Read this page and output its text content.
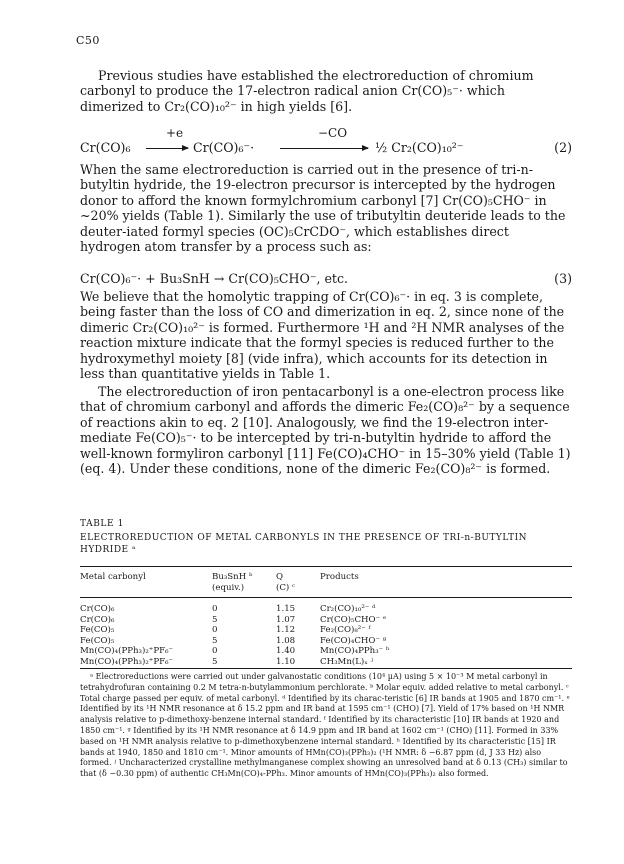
C50
Previous studies have established the electroreduction of chromium carbonyl to produce the 17-electron radical anion Cr(CO)₅⁻· which dimerized to Cr₂(CO)₁₀²⁻ in high yields [6].
Cr(CO)₆
+e
Cr(CO)₆⁻·
−CO
½ Cr₂(CO)₁₀²⁻	(2)
When the same electroreduction is carried out in the presence of tri-n-butyltin hydride, the 19-electron precursor is intercepted by the hydrogen donor to afford the known formylchromium carbonyl [7] Cr(CO)₅CHO⁻ in ~20% yields (Table 1). Similarly the use of tributyltin deuteride leads to the deuter-iated formyl species (OC)₅CrCDO⁻, which establishes direct hydrogen atom transfer by a process such as:
Cr(CO)₆⁻· + Bu₃SnH → Cr(CO)₅CHO⁻, etc.	(3)
We believe that the homolytic trapping of Cr(CO)₆⁻· in eq. 3 is complete, being faster than the loss of CO and dimerization in eq. 2, since none of the dimeric Cr₂(CO)₁₀²⁻ is formed. Furthermore ¹H and ²H NMR analyses of the reaction mixture indicate that the formyl species is reduced further to the hydroxymethyl moiety [8] (vide infra), which accounts for its detection in less than quantitative yields in Table 1.
The electroreduction of iron pentacarbonyl is a one-electron process like that of chromium carbonyl and affords the dimeric Fe₂(CO)₈²⁻ by a sequence of reactions akin to eq. 2 [10]. Analogously, we find the 19-electron inter-mediate Fe(CO)₅⁻· to be intercepted by tri-n-butyltin hydride to afford the well-known formyliron carbonyl [11] Fe(CO)₄CHO⁻ in 15–30% yield (Table 1) (eq. 4). Under these conditions, none of the dimeric Fe₂(CO)₈²⁻ is formed.
TABLE 1
ELECTROREDUCTION OF METAL CARBONYLS IN THE PRESENCE OF TRI-n-BUTYLTIN HYDRIDE ᵃ
Metal carbonyl	Bu₃SnH ᵇ
(equiv.)
Q
(C) ᶜ
Products
Cr(CO)₆	0	1.15	Cr₂(CO)₁₀²⁻ ᵈ
Cr(CO)₆	5	1.07	Cr(CO)₅CHO⁻ ᵉ
Fe(CO)₅	0	1.12	Fe₂(CO)₈²⁻ ᶠ
Fe(CO)₅	5	1.08	Fe(CO)₄CHO⁻ ᵍ
Mn(CO)₄(PPh₃)₂⁺PF₆⁻	0	1.40	Mn(CO)₄PPh₃⁻ ʰ
Mn(CO)₄(PPh₃)₂⁺PF₆⁻	5	1.10	CH₃Mn(L)ₓ ʲ
ᵃ Electroreductions were carried out under galvanostatic conditions (10⁴ µA) using 5 × 10⁻³ M metal carbonyl in tetrahydrofuran containing 0.2 M tetra-n-butylammonium perchlorate. ᵇ Molar equiv. added relative to metal carbonyl. ᶜ Total charge passed per equiv. of metal carbonyl. ᵈ Identified by its charac-teristic [6] IR bands at 1905 and 1870 cm⁻¹. ᵉ Identified by its ¹H NMR resonance at δ 15.2 ppm and IR band at 1595 cm⁻¹ (CHO) [7]. Yield of 17% based on ¹H NMR analysis relative to p-dimethoxy-benzene internal standard. ᶠ Identified by its characteristic [10] IR bands at 1920 and 1850 cm⁻¹. ᵍ Identified by its ¹H NMR resonance at δ 14.9 ppm and IR band at 1602 cm⁻¹ (CHO) [11]. Formed in 33% based on ¹H NMR analysis relative to p-dimethoxybenzene internal standard. ʰ Identified by its characteristic [15] IR bands at 1940, 1850 and 1810 cm⁻¹. Minor amounts of HMn(CO)₃(PPh₃)₂ (¹H NMR: δ −6.87 ppm (d, J 33 Hz) also formed. ʲ Uncharacterized crystalline methylmanganese complex showing an unresolved band at δ 0.13 (CH₃) similar to that (δ −0.30 ppm) of authentic CH₃Mn(CO)₄-PPh₃. Minor amounts of HMn(CO)₃(PPh₃)₂ also formed.
